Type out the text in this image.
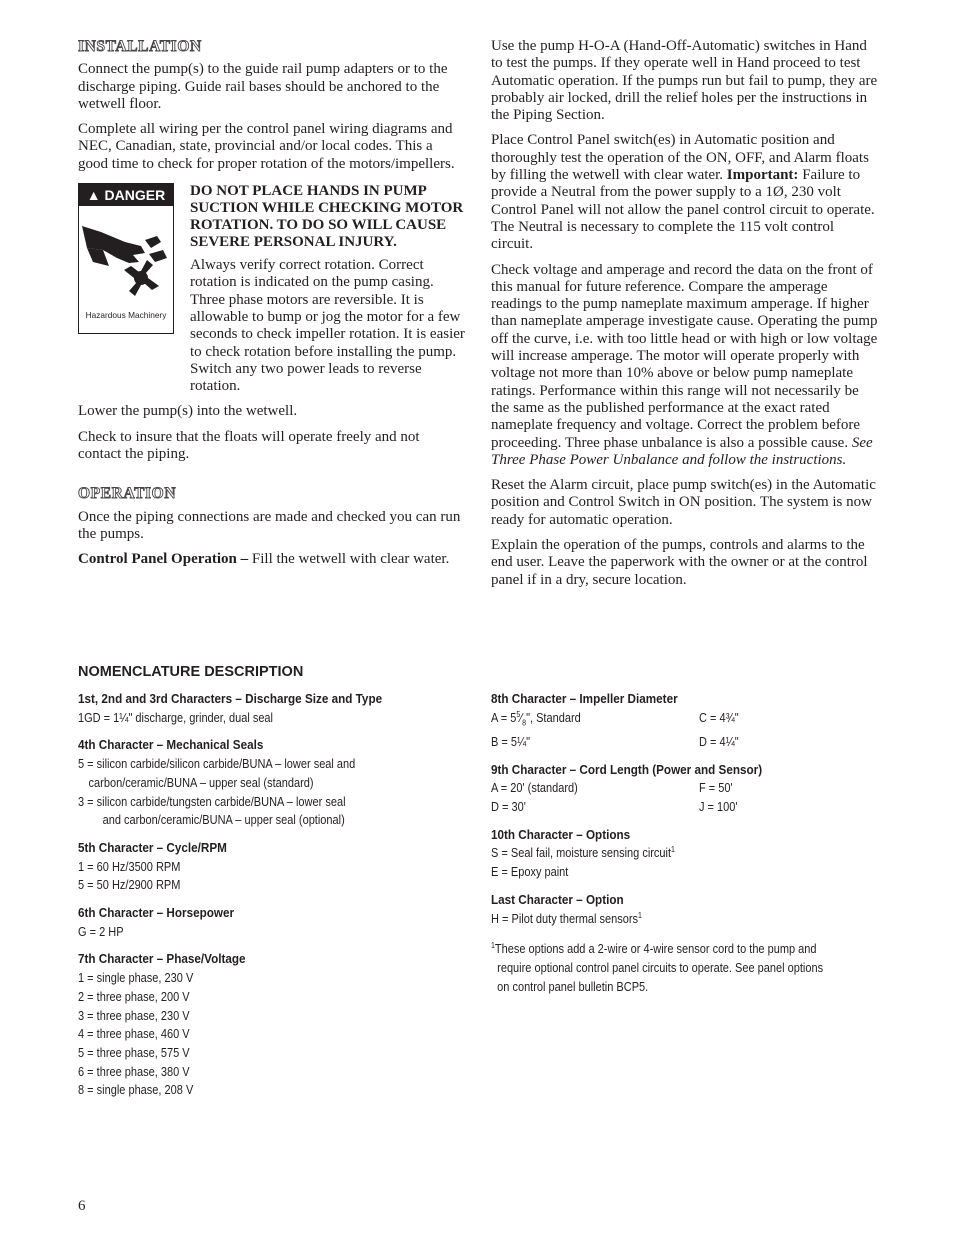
INSTALLATION

Connect the pump(s) to the guide rail pump adapters or to the discharge piping. Guide rail bases should be anchored to the wetwell floor.

Complete all wiring per the control panel wiring diagrams and NEC, Canadian, state, provincial and/or local codes. This a good time to check for proper rotation of the motors/impellers.

▲ DANGER
Hazardous Machinery

DO NOT PLACE HANDS IN PUMP SUCTION WHILE CHECKING MOTOR ROTATION. TO DO SO WILL CAUSE SEVERE PERSONAL INJURY.

Always verify correct rotation. Correct rotation is indicated on the pump casing. Three phase motors are reversible. It is allowable to bump or jog the motor for a few seconds to check impeller rotation. It is easier to check rotation before installing the pump. Switch any two power leads to reverse rotation.

Lower the pump(s) into the wetwell.

Check to insure that the floats will operate freely and not contact the piping.

OPERATION

Once the piping connections are made and checked you can run the pumps.

Control Panel Operation – Fill the wetwell with clear water.

Use the pump H-O-A (Hand-Off-Automatic) switches in Hand to test the pumps. If they operate well in Hand proceed to test Automatic operation. If the pumps run but fail to pump, they are probably air locked, drill the relief holes per the instructions in the Piping Section.

Place Control Panel switch(es) in Automatic position and thoroughly test the operation of the ON, OFF, and Alarm floats by filling the wetwell with clear water. Important: Failure to provide a Neutral from the power supply to a 1Ø, 230 volt Control Panel will not allow the panel control circuit to operate. The Neutral is necessary to complete the 115 volt control circuit.

Check voltage and amperage and record the data on the front of this manual for future reference. Compare the amperage readings to the pump nameplate maximum amperage. If higher than nameplate amperage investigate cause. Operating the pump off the curve, i.e. with too little head or with high or low voltage will increase amperage. The motor will operate properly with voltage not more than 10% above or below pump nameplate ratings. Performance within this range will not necessarily be the same as the published performance at the exact rated nameplate frequency and voltage. Correct the problem before proceeding. Three phase unbalance is also a possible cause. See Three Phase Power Unbalance and follow the instructions.

Reset the Alarm circuit, place pump switch(es) in the Automatic position and Control Switch in ON position. The system is now ready for automatic operation.

Explain the operation of the pumps, controls and alarms to the end user. Leave the paperwork with the owner or at the control panel if in a dry, secure location.

NOMENCLATURE DESCRIPTION
1st, 2nd and 3rd Characters – Discharge Size and Type
1GD = 1¼" discharge, grinder, dual seal
4th Character – Mechanical Seals
5 = silicon carbide/silicon carbide/BUNA – lower seal and
carbon/ceramic/BUNA – upper seal (standard)
3 = silicon carbide/tungsten carbide/BUNA – lower seal
and carbon/ceramic/BUNA – upper seal (optional)
5th Character – Cycle/RPM
1 = 60 Hz/3500 RPM
5 = 50 Hz/2900 RPM
6th Character – Horsepower
G = 2 HP
7th Character – Phase/Voltage
1 = single phase, 230 V
2 = three phase, 200 V
3 = three phase, 230 V
4 = three phase, 460 V
5 = three phase, 575 V
6 = three phase, 380 V
8 = single phase, 208 V
8th Character – Impeller Diameter
$A = 5^5⁄_8$", Standard	C = 4¾"
B = 5¼"	D = 4¼"
9th Character – Cord Length (Power and Sensor)
A = 20' (standard)	F = 50'
D = 30'	J = 100'
10th Character – Options
S = Seal fail, moisture sensing circuit$^1$
E = Epoxy paint
Last Character – Option
H = Pilot duty thermal sensors$^1$
$^1$These options add a 2-wire or 4-wire sensor cord to the pump and
require optional control panel circuits to operate. See panel options
on control panel bulletin BCP5.
6
